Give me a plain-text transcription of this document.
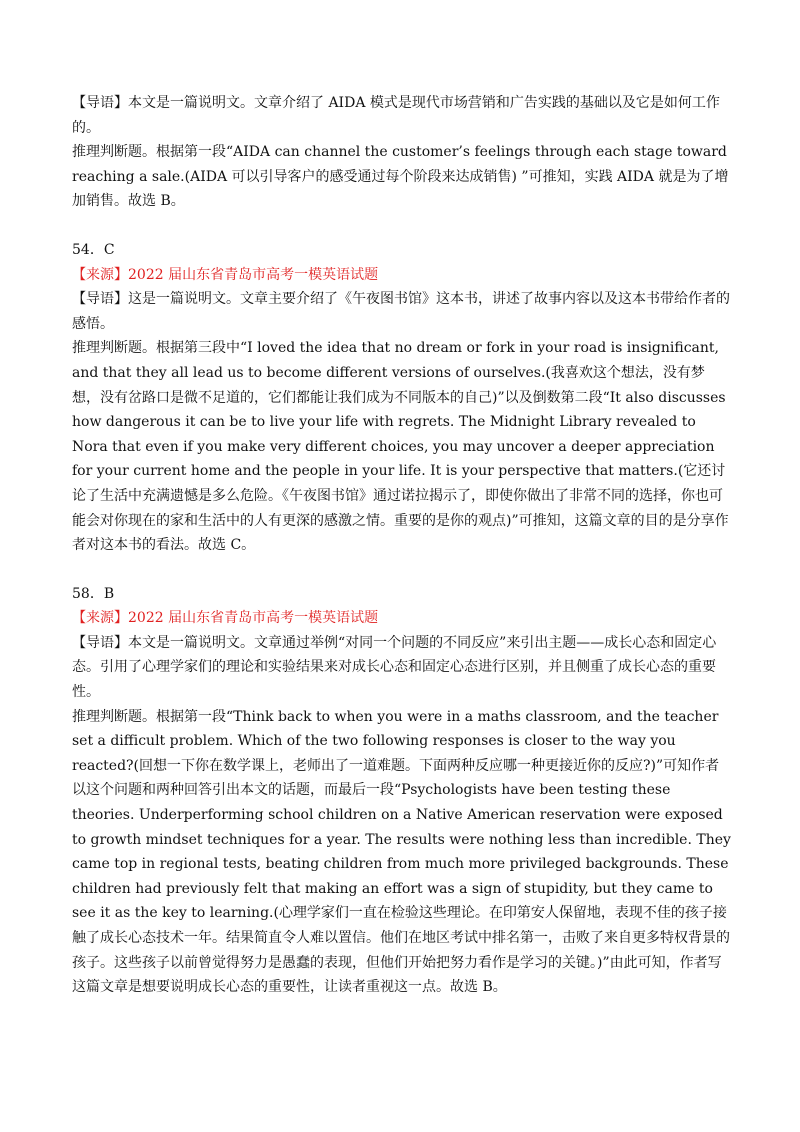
【导语】本文是一篇说明文。文章介绍了 AIDA 模式是现代市场营销和广告实践的基础以及它是如何工作的。

推理判断题。根据第一段“AIDA can channel the customer’s feelings through each stage toward reaching a sale.(AIDA 可以引导客户的感受通过每个阶段来达成销售) ”可推知，实践 AIDA 就是为了增加销售。故选 B。

54．C

【来源】2022 届山东省青岛市高考一模英语试题

【导语】这是一篇说明文。文章主要介绍了《午夜图书馆》这本书，讲述了故事内容以及这本书带给作者的感悟。

推理判断题。根据第三段中“I loved the idea that no dream or fork in your road is insignificant, and that they all lead us to become different versions of ourselves.(我喜欢这个想法，没有梦想，没有岔路口是微不足道的，它们都能让我们成为不同版本的自己)”以及倒数第二段“It also discusses how dangerous it can be to live your life with regrets. The Midnight Library revealed to Nora that even if you make very different choices, you may uncover a deeper appreciation for your current home and the people in your life. It is your perspective that matters.(它还讨论了生活中充满遗憾是多么危险。《午夜图书馆》通过诺拉揭示了，即使你做出了非常不同的选择，你也可能会对你现在的家和生活中的人有更深的感激之情。重要的是你的观点)”可推知，这篇文章的目的是分享作者对这本书的看法。故选 C。

58．B

【来源】2022 届山东省青岛市高考一模英语试题

【导语】本文是一篇说明文。文章通过举例“对同一个问题的不同反应”来引出主题——成长心态和固定心态。引用了心理学家们的理论和实验结果来对成长心态和固定心态进行区别，并且侧重了成长心态的重要性。

推理判断题。根据第一段“Think back to when you were in a maths classroom, and the teacher set a difficult problem. Which of the two following responses is closer to the way you reacted?(回想一下你在数学课上，老师出了一道难题。下面两种反应哪一种更接近你的反应?)”可知作者以这个问题和两种回答引出本文的话题，而最后一段“Psychologists have been testing these theories. Underperforming school children on a Native American reservation were exposed to growth mindset techniques for a year. The results were nothing less than incredible. They came top in regional tests, beating children from much more privileged backgrounds. These children had previously felt that making an effort was a sign of stupidity, but they came to see it as the key to learning.(心理学家们一直在检验这些理论。在印第安人保留地，表现不佳的孩子接触了成长心态技术一年。结果简直令人难以置信。他们在地区考试中排名第一，击败了来自更多特权背景的孩子。这些孩子以前曾觉得努力是愚蠢的表现，但他们开始把努力看作是学习的关键。)”由此可知，作者写这篇文章是想要说明成长心态的重要性，让读者重视这一点。故选 B。
